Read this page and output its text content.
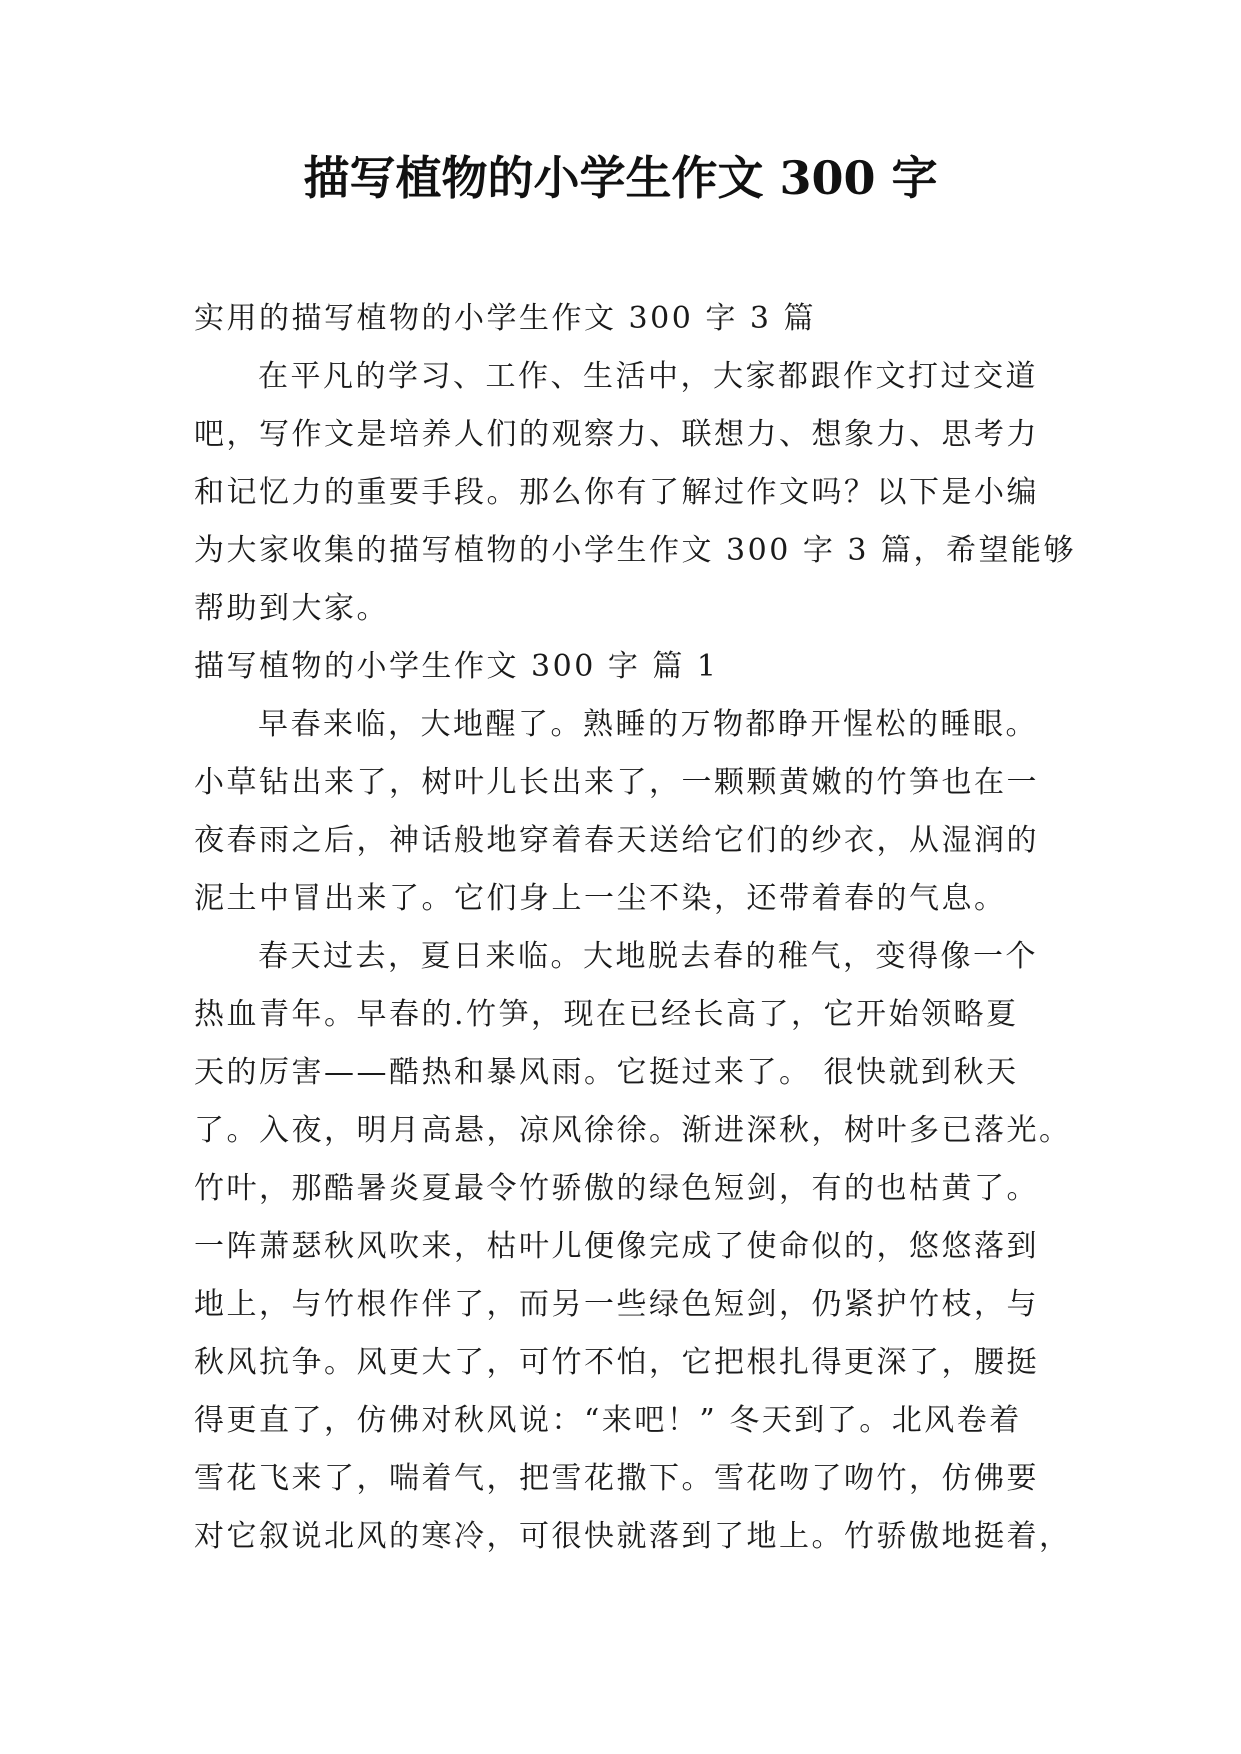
描写植物的小学生作文 300 字
实用的描写植物的小学生作文 300 字 3 篇
在平凡的学习、工作、生活中，大家都跟作文打过交道
吧，写作文是培养人们的观察力、联想力、想象力、思考力
和记忆力的重要手段。那么你有了解过作文吗？以下是小编
为大家收集的描写植物的小学生作文 300 字 3 篇，希望能够
帮助到大家。
描写植物的小学生作文 300 字 篇 1
早春来临，大地醒了。熟睡的万物都睁开惺松的睡眼。
小草钻出来了，树叶儿长出来了，一颗颗黄嫩的竹笋也在一
夜春雨之后，神话般地穿着春天送给它们的纱衣，从湿润的
泥土中冒出来了。它们身上一尘不染，还带着春的气息。
春天过去，夏日来临。大地脱去春的稚气，变得像一个
热血青年。早春的.竹笋，现在已经长高了，它开始领略夏
天的厉害——酷热和暴风雨。它挺过来了。 很快就到秋天
了。入夜，明月高悬，凉风徐徐。渐进深秋，树叶多已落光。
竹叶，那酷暑炎夏最令竹骄傲的绿色短剑，有的也枯黄了。
一阵萧瑟秋风吹来，枯叶儿便像完成了使命似的，悠悠落到
地上，与竹根作伴了，而另一些绿色短剑，仍紧护竹枝，与
秋风抗争。风更大了，可竹不怕，它把根扎得更深了，腰挺
得更直了，仿佛对秋风说：“来吧！” 冬天到了。北风卷着
雪花飞来了，喘着气，把雪花撒下。雪花吻了吻竹，仿佛要
对它叙说北风的寒冷，可很快就落到了地上。竹骄傲地挺着，
